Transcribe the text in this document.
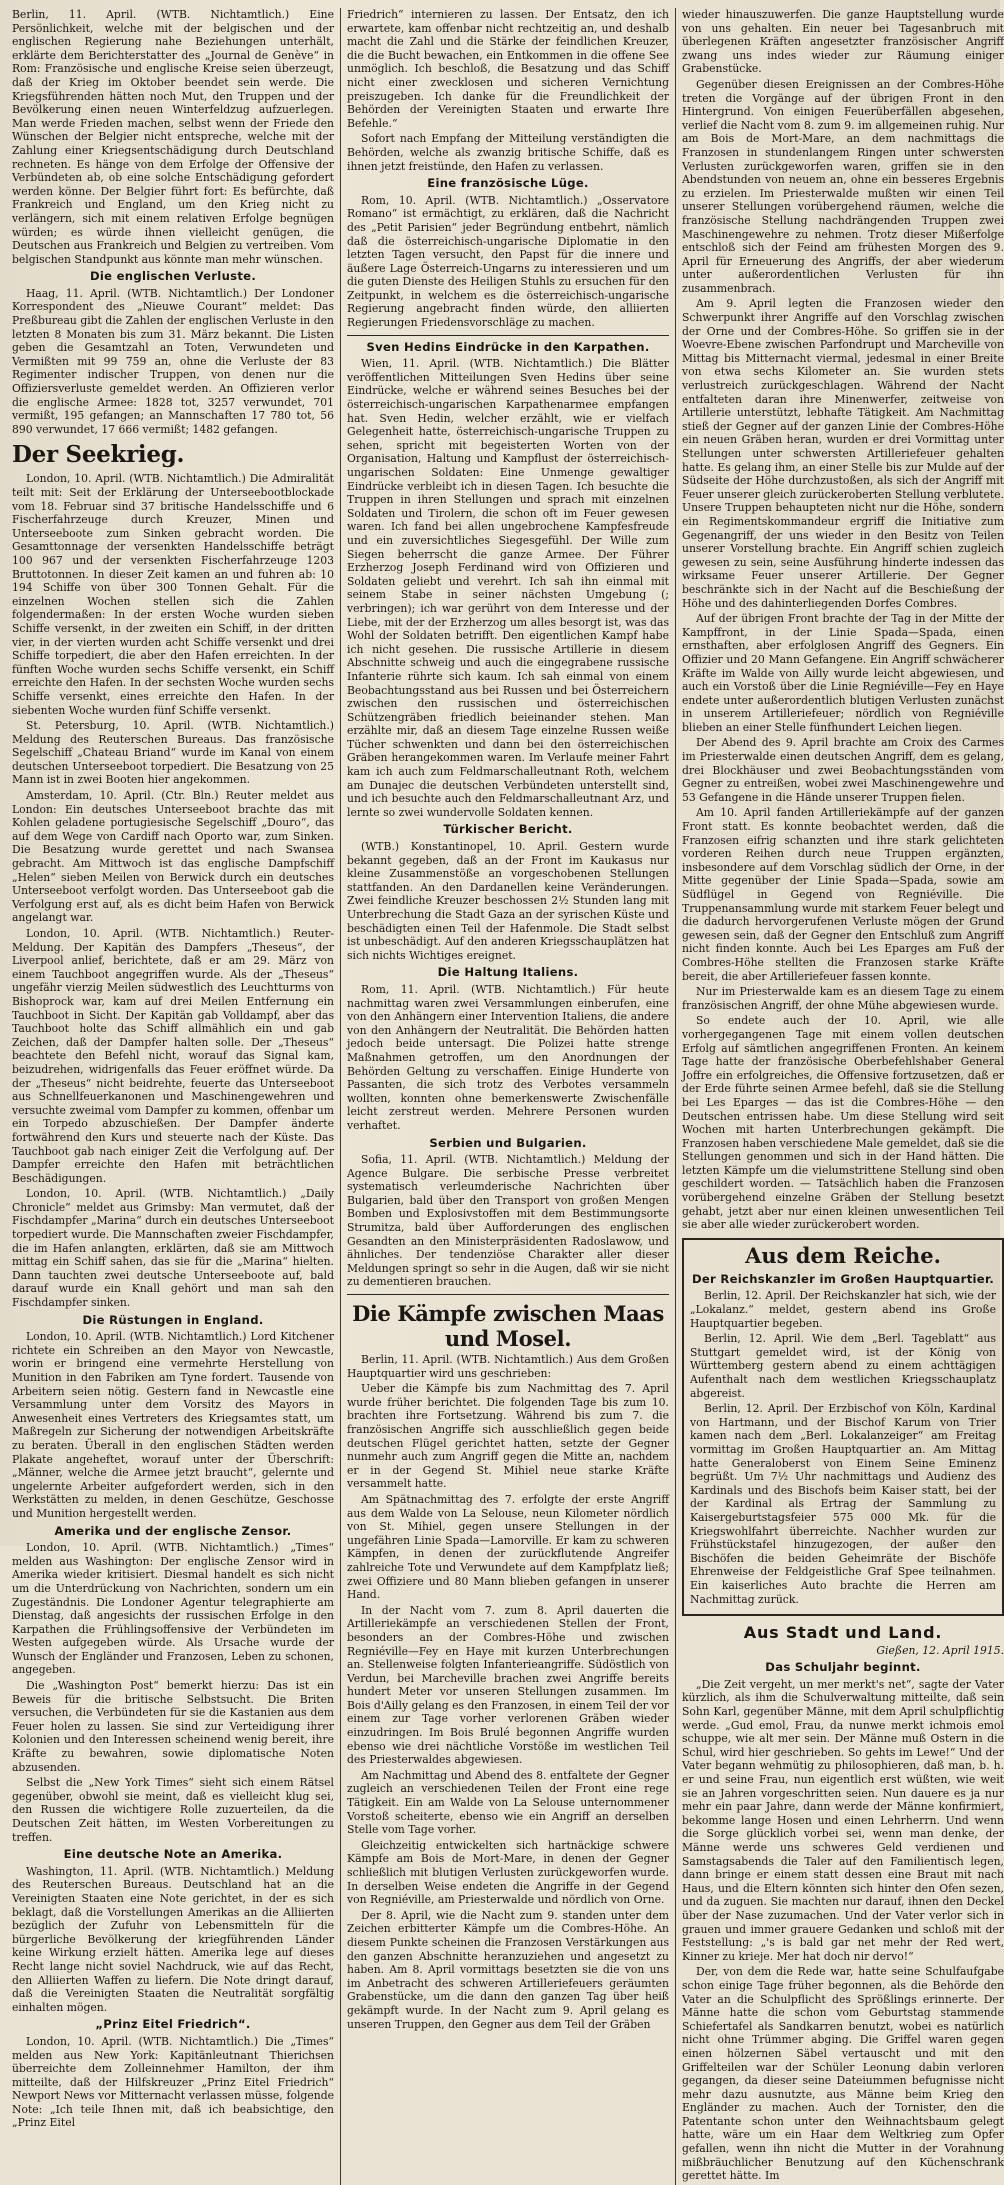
Berlin, 11. April. (WTB. Nichtamtlich.) Eine Persönlichkeit, welche mit der belgischen und der englischen Regierung nahe Beziehungen unterhält, erklärte dem Berichterstatter des „Journal de Genève“ in Rom: Französische und englische Kreise seien überzeugt, daß der Krieg im Oktober beendet sein werde. Die Kriegsführenden hätten noch Mut, den Truppen und der Bevölkerung einen neuen Winterfeldzug aufzuerlegen. Man werde Frieden machen, selbst wenn der Friede den Wünschen der Belgier nicht entspreche, welche mit der Zahlung einer Kriegsentschädigung durch Deutschland rechneten. Es hänge von dem Erfolge der Offensive der Verbündeten ab, ob eine solche Entschädigung gefordert werden könne. Der Belgier führt fort: Es befürchte, daß Frankreich und England, um den Krieg nicht zu verlängern, sich mit einem relativen Erfolge begnügen würden; es würde ihnen vielleicht genügen, die Deutschen aus Frankreich und Belgien zu vertreiben. Vom belgischen Standpunkt aus könnte man mehr wünschen.

Die englischen Verluste.

Haag, 11. April. (WTB. Nichtamtlich.) Der Londoner Korrespondent des „Nieuwe Courant“ meldet: Das Preßbureau gibt die Zahlen der englischen Verluste in den letzten 8 Monaten bis zum 31. März bekannt. Die Listen geben die Gesamtzahl an Toten, Verwundeten und Vermißten mit 99 759 an, ohne die Verluste der 83 Regimenter indischer Truppen, von denen nur die Offiziersverluste gemeldet werden. An Offizieren verlor die englische Armee: 1828 tot, 3257 verwundet, 701 vermißt, 195 gefangen; an Mannschaften 17 780 tot, 56 890 verwundet, 17 666 vermißt; 1482 gefangen.

Der Seekrieg.

London, 10. April. (WTB. Nichtamtlich.) Die Admiralität teilt mit: Seit der Erklärung der Unterseebootblockade vom 18. Februar sind 37 britische Handelsschiffe und 6 Fischerfahrzeuge durch Kreuzer, Minen und Unterseeboote zum Sinken gebracht worden. Die Gesamttonnage der versenkten Handelsschiffe beträgt 100 967 und der versenkten Fischerfahrzeuge 1203 Bruttotonnen. In dieser Zeit kamen an und fuhren ab: 10 194 Schiffe von über 300 Tonnen Gehalt. Für die einzelnen Wochen stellen sich die Zahlen folgendermaßen: In der ersten Woche wurden sieben Schiffe versenkt, in der zweiten ein Schiff, in der dritten vier, in der vierten wurden acht Schiffe versenkt und drei Schiffe torpediert, die aber den Hafen erreichten. In der fünften Woche wurden sechs Schiffe versenkt, ein Schiff erreichte den Hafen. In der sechsten Woche wurden sechs Schiffe versenkt, eines erreichte den Hafen. In der siebenten Woche wurden fünf Schiffe versenkt.

St. Petersburg, 10. April. (WTB. Nichtamtlich.) Meldung des Reuterschen Bureaus. Das französische Segelschiff „Chateau Briand“ wurde im Kanal von einem deutschen Unterseeboot torpediert. Die Besatzung von 25 Mann ist in zwei Booten hier angekommen.

Amsterdam, 10. April. (Ctr. Bln.) Reuter meldet aus London: Ein deutsches Unterseeboot brachte das mit Kohlen geladene portugiesische Segelschiff „Douro“, das auf dem Wege von Cardiff nach Oporto war, zum Sinken. Die Besatzung wurde gerettet und nach Swansea gebracht. Am Mittwoch ist das englische Dampfschiff „Helen“ sieben Meilen von Berwick durch ein deutsches Unterseeboot verfolgt worden. Das Unterseeboot gab die Verfolgung erst auf, als es dicht beim Hafen von Berwick angelangt war.

London, 10. April. (WTB. Nichtamtlich.) Reuter-Meldung. Der Kapitän des Dampfers „Theseus“, der Liverpool anlief, berichtete, daß er am 29. März von einem Tauchboot angegriffen wurde. Als der „Theseus“ ungefähr vierzig Meilen südwestlich des Leuchtturms von Bishoprock war, kam auf drei Meilen Entfernung ein Tauchboot in Sicht. Der Kapitän gab Volldampf, aber das Tauchboot holte das Schiff allmählich ein und gab Zeichen, daß der Dampfer halten solle. Der „Theseus“ beachtete den Befehl nicht, worauf das Signal kam, beizudrehen, widrigenfalls das Feuer eröffnet würde. Da der „Theseus“ nicht beidrehte, feuerte das Unterseeboot aus Schnellfeuerkanonen und Maschinengewehren und versuchte zweimal vom Dampfer zu kommen, offenbar um ein Torpedo abzuschießen. Der Dampfer änderte fortwährend den Kurs und steuerte nach der Küste. Das Tauchboot gab nach einiger Zeit die Verfolgung auf. Der Dampfer erreichte den Hafen mit beträchtlichen Beschädigungen.

London, 10. April. (WTB. Nichtamtlich.) „Daily Chronicle“ meldet aus Grimsby: Man vermutet, daß der Fischdampfer „Marina“ durch ein deutsches Unterseeboot torpediert wurde. Die Mannschaften zweier Fischdampfer, die im Hafen anlangten, erklärten, daß sie am Mittwoch mittag ein Schiff sahen, das sie für die „Marina“ hielten. Dann tauchten zwei deutsche Unterseeboote auf, bald darauf wurde ein Knall gehört und man sah den Fischdampfer sinken.

Die Rüstungen in England.

London, 10. April. (WTB. Nichtamtlich.) Lord Kitchener richtete ein Schreiben an den Mayor von Newcastle, worin er bringend eine vermehrte Herstellung von Munition in den Fabriken am Tyne fordert. Tausende von Arbeitern seien nötig. Gestern fand in Newcastle eine Versammlung unter dem Vorsitz des Mayors in Anwesenheit eines Vertreters des Kriegsamtes statt, um Maßregeln zur Sicherung der notwendigen Arbeitskräfte zu beraten. Überall in den englischen Städten werden Plakate angeheftet, worauf unter der Überschrift: „Männer, welche die Armee jetzt braucht“, gelernte und ungelernte Arbeiter aufgefordert werden, sich in den Werkstätten zu melden, in denen Geschütze, Geschosse und Munition hergestellt werden.

Amerika und der englische Zensor.

London, 10. April. (WTB. Nichtamtlich.) „Times“ melden aus Washington: Der englische Zensor wird in Amerika wieder kritisiert. Diesmal handelt es sich nicht um die Unterdrückung von Nachrichten, sondern um ein Zugeständnis. Die Londoner Agentur telegraphierte am Dienstag, daß angesichts der russischen Erfolge in den Karpathen die Frühlingsoffensive der Verbündeten im Westen aufgegeben würde. Als Ursache wurde der Wunsch der Engländer und Franzosen, Leben zu schonen, angegeben.

Die „Washington Post“ bemerkt hierzu: Das ist ein Beweis für die britische Selbstsucht. Die Briten versuchen, die Verbündeten für sie die Kastanien aus dem Feuer holen zu lassen. Sie sind zur Verteidigung ihrer Kolonien und den Interessen scheinend wenig bereit, ihre Kräfte zu bewahren, sowie diplomatische Noten abzusenden.

Selbst die „New York Times“ sieht sich einem Rätsel gegenüber, obwohl sie meint, daß es vielleicht klug sei, den Russen die wichtigere Rolle zuzuerteilen, da die Deutschen Zeit hätten, im Westen Vorbereitungen zu treffen.

Eine deutsche Note an Amerika.

Washington, 11. April. (WTB. Nichtamtlich.) Meldung des Reuterschen Bureaus. Deutschland hat an die Vereinigten Staaten eine Note gerichtet, in der es sich beklagt, daß die Vorstellungen Amerikas an die Alliierten bezüglich der Zufuhr von Lebensmitteln für die bürgerliche Bevölkerung der kriegführenden Länder keine Wirkung erzielt hätten. Amerika lege auf dieses Recht lange nicht soviel Nachdruck, wie auf das Recht, den Alliierten Waffen zu liefern. Die Note dringt darauf, daß die Vereinigten Staaten die Neutralität sorgfältig einhalten mögen.

„Prinz Eitel Friedrich“.

London, 10. April. (WTB. Nichtamtlich.) Die „Times“ melden aus New York: Kapitänleutnant Thierichsen überreichte dem Zolleinnehmer Hamilton, der ihm mitteilte, daß der Hilfskreuzer „Prinz Eitel Friedrich“ Newport News vor Mitternacht verlassen müsse, folgende Note: „Ich teile Ihnen mit, daß ich beabsichtige, den „Prinz Eitel

Friedrich“ internieren zu lassen. Der Entsatz, den ich erwartete, kam offenbar nicht rechtzeitig an, und deshalb macht die Zahl und die Stärke der feindlichen Kreuzer, die die Bucht bewachen, ein Entkommen in die offene See unmöglich. Ich beschloß, die Besatzung und das Schiff nicht einer zwecklosen und sicheren Vernichtung preiszugeben. Ich danke für die Freundlichkeit der Behörden der Vereinigten Staaten und erwarte Ihre Befehle.“

Sofort nach Empfang der Mitteilung verständigten die Behörden, welche als zwanzig britische Schiffe, daß es ihnen jetzt freistünde, den Hafen zu verlassen.

Eine französische Lüge.

Rom, 10. April. (WTB. Nichtamtlich.) „Osservatore Romano“ ist ermächtigt, zu erklären, daß die Nachricht des „Petit Parisien“ jeder Begründung entbehrt, nämlich daß die österreichisch-ungarische Diplomatie in den letzten Tagen versucht, den Papst für die innere und äußere Lage Österreich-Ungarns zu interessieren und um die guten Dienste des Heiligen Stuhls zu ersuchen für den Zeitpunkt, in welchem es die österreichisch-ungarische Regierung angebracht finden würde, den alliierten Regierungen Friedensvorschläge zu machen.

Sven Hedins Eindrücke in den Karpathen.

Wien, 11. April. (WTB. Nichtamtlich.) Die Blätter veröffentlichen Mitteilungen Sven Hedins über seine Eindrücke, welche er während seines Besuches bei der österreichisch-ungarischen Karpathenarmee empfangen hat. Sven Hedin, welcher erzählt, wie er vielfach Gelegenheit hatte, österreichisch-ungarische Truppen zu sehen, spricht mit begeisterten Worten von der Organisation, Haltung und Kampflust der österreichisch-ungarischen Soldaten: Eine Unmenge gewaltiger Eindrücke verbleibt ich in diesen Tagen. Ich besuchte die Truppen in ihren Stellungen und sprach mit einzelnen Soldaten und Tirolern, die schon oft im Feuer gewesen waren. Ich fand bei allen ungebrochene Kampfesfreude und ein zuversichtliches Siegesgefühl. Der Wille zum Siegen beherrscht die ganze Armee. Der Führer Erzherzog Joseph Ferdinand wird von Offizieren und Soldaten geliebt und verehrt. Ich sah ihn einmal mit seinem Stabe in seiner nächsten Umgebung (; verbringen); ich war gerührt von dem Interesse und der Liebe, mit der der Erzherzog um alles besorgt ist, was das Wohl der Soldaten betrifft. Den eigentlichen Kampf habe ich nicht gesehen. Die russische Artillerie in diesem Abschnitte schweig und auch die eingegrabene russische Infanterie rührte sich kaum. Ich sah einmal von einem Beobachtungsstand aus bei Russen und bei Österreichern zwischen den russischen und österreichischen Schützengräben friedlich beieinander stehen. Man erzählte mir, daß an diesem Tage einzelne Russen weiße Tücher schwenkten und dann bei den österreichischen Gräben herangekommen waren. Im Verlaufe meiner Fahrt kam ich auch zum Feldmarschalleutnant Roth, welchem am Dunajec die deutschen Verbündeten unterstellt sind, und ich besuchte auch den Feldmarschalleutnant Arz, und lernte so zwei wundervolle Soldaten kennen.

Türkischer Bericht.

(WTB.) Konstantinopel, 10. April. Gestern wurde bekannt gegeben, daß an der Front im Kaukasus nur kleine Zusammenstöße an vorgeschobenen Stellungen stattfanden. An den Dardanellen keine Veränderungen. Zwei feindliche Kreuzer beschossen 2½ Stunden lang mit Unterbrechung die Stadt Gaza an der syrischen Küste und beschädigten einen Teil der Hafenmole. Die Stadt selbst ist unbeschädigt. Auf den anderen Kriegsschauplätzen hat sich nichts Wichtiges ereignet.

Die Haltung Italiens.

Rom, 11. April. (WTB. Nichtamtlich.) Für heute nachmittag waren zwei Versammlungen einberufen, eine von den Anhängern einer Intervention Italiens, die andere von den Anhängern der Neutralität. Die Behörden hatten jedoch beide untersagt. Die Polizei hatte strenge Maßnahmen getroffen, um den Anordnungen der Behörden Geltung zu verschaffen. Einige Hunderte von Passanten, die sich trotz des Verbotes versammeln wollten, konnten ohne bemerkenswerte Zwischenfälle leicht zerstreut werden. Mehrere Personen wurden verhaftet.

Serbien und Bulgarien.

Sofia, 11. April. (WTB. Nichtamtlich.) Meldung der Agence Bulgare. Die serbische Presse verbreitet systematisch verleumderische Nachrichten über Bulgarien, bald über den Transport von großen Mengen Bomben und Explosivstoffen mit dem Bestimmungsorte Strumitza, bald über Aufforderungen des englischen Gesandten an den Ministerpräsidenten Radoslawow, und ähnliches. Der tendenziöse Charakter aller dieser Meldungen springt so sehr in die Augen, daß wir sie nicht zu dementieren brauchen.

Die Kämpfe zwischen Maas und Mosel.

Berlin, 11. April. (WTB. Nichtamtlich.) Aus dem Großen Hauptquartier wird uns geschrieben:

Ueber die Kämpfe bis zum Nachmittag des 7. April wurde früher berichtet. Die folgenden Tage bis zum 10. brachten ihre Fortsetzung. Während bis zum 7. die französischen Angriffe sich ausschließlich gegen beide deutschen Flügel gerichtet hatten, setzte der Gegner nunmehr auch zum Angriff gegen die Mitte an, nachdem er in der Gegend St. Mihiel neue starke Kräfte versammelt hatte.

Am Spätnachmittag des 7. erfolgte der erste Angriff aus dem Walde von La Selouse, neun Kilometer nördlich von St. Mihiel, gegen unsere Stellungen in der ungefähren Linie Spada—Lamorville. Er kam zu schweren Kämpfen, in denen der zurückflutende Angreifer zahlreiche Tote und Verwundete auf dem Kampfplatz ließ; zwei Offiziere und 80 Mann blieben gefangen in unserer Hand.

In der Nacht vom 7. zum 8. April dauerten die Artilleriekämpfe an verschiedenen Stellen der Front, besonders an der Combres-Höhe und zwischen Regniéville—Fey en Haye mit kurzen Unterbrechungen an. Stellenweise folgten Infanterieangriffe. Südöstlich von Verdun, bei Marcheville brachen zwei Angriffe bereits hundert Meter vor unseren Stellungen zusammen. Im Bois d'Ailly gelang es den Franzosen, in einem Teil der vor einem zur Tage vorher verlorenen Gräben wieder einzudringen. Im Bois Brulé begonnen Angriffe wurden ebenso wie drei nächtliche Vorstöße im westlichen Teil des Priesterwaldes abgewiesen.

Am Nachmittag und Abend des 8. entfaltete der Gegner zugleich an verschiedenen Teilen der Front eine rege Tätigkeit. Ein am Walde von La Selouse unternommener Vorstoß scheiterte, ebenso wie ein Angriff an derselben Stelle vom Tage vorher.

Gleichzeitig entwickelten sich hartnäckige schwere Kämpfe am Bois de Mort-Mare, in denen der Gegner schließlich mit blutigen Verlusten zurückgeworfen wurde. In derselben Weise endeten die Angriffe in der Gegend von Regniéville, am Priesterwalde und nördlich von Orne.

Der 8. April, wie die Nacht zum 9. standen unter dem Zeichen erbitterter Kämpfe um die Combres-Höhe. An diesem Punkte scheinen die Franzosen Verstärkungen aus den ganzen Abschnitte heranzuziehen und angesetzt zu haben. Am 8. April vormittags besetzten sie die von uns im Anbetracht des schweren Artilleriefeuers geräumten Grabenstücke, um die dann den ganzen Tag über heiß gekämpft wurde. In der Nacht zum 9. April gelang es unseren Truppen, den Gegner aus dem Teil der Gräben

wieder hinauszuwerfen. Die ganze Hauptstellung wurde von uns gehalten. Ein neuer bei Tagesanbruch mit überlegenen Kräften angesetzter französischer Angriff zwang uns indes wieder zur Räumung einiger Grabenstücke.

Gegenüber diesen Ereignissen an der Combres-Höhe treten die Vorgänge auf der übrigen Front in den Hintergrund. Von einigen Feuerüberfällen abgesehen, verlief die Nacht vom 8. zum 9. im allgemeinen ruhig. Nur am Bois de Mort-Mare, an dem nachmittags die Franzosen in stundenlangem Ringen unter schwersten Verlusten zurückgeworfen waren, griffen sie in den Abendstunden von neuem an, ohne ein besseres Ergebnis zu erzielen. Im Priesterwalde mußten wir einen Teil unserer Stellungen vorübergehend räumen, welche die französische Stellung nachdrängenden Truppen zwei Maschinengewehre zu nehmen. Trotz dieser Mißerfolge entschloß sich der Feind am frühesten Morgen des 9. April für Erneuerung des Angriffs, der aber wiederum unter außerordentlichen Verlusten für ihn zusammenbrach.

Am 9. April legten die Franzosen wieder den Schwerpunkt ihrer Angriffe auf den Vorschlag zwischen der Orne und der Combres-Höhe. So griffen sie in der Woevre-Ebene zwischen Parfondrupt und Marcheville von Mittag bis Mitternacht viermal, jedesmal in einer Breite von etwa sechs Kilometer an. Sie wurden stets verlustreich zurückgeschlagen. Während der Nacht entfalteten daran ihre Minenwerfer, zeitweise von Artillerie unterstützt, lebhafte Tätigkeit. Am Nachmittag stieß der Gegner auf der ganzen Linie der Combres-Höhe ein neuen Gräben heran, wurden er drei Vormittag unter Stellungen unter schwersten Artilleriefeuer gehalten hatte. Es gelang ihm, an einer Stelle bis zur Mulde auf der Südseite der Höhe durchzustoßen, als sich der Angriff mit Feuer unserer gleich zurückeroberten Stellung verblutete. Unsere Truppen behaupteten nicht nur die Höhe, sondern ein Regimentskommandeur ergriff die Initiative zum Gegenangriff, der uns wieder in den Besitz von Teilen unserer Vorstellung brachte. Ein Angriff schien zugleich gewesen zu sein, seine Ausführung hinderte indessen das wirksame Feuer unserer Artillerie. Der Gegner beschränkte sich in der Nacht auf die Beschießung der Höhe und des dahinterliegenden Dorfes Combres.

Auf der übrigen Front brachte der Tag in der Mitte der Kampffront, in der Linie Spada—Spada, einen ernsthaften, aber erfolglosen Angriff des Gegners. Ein Offizier und 20 Mann Gefangene. Ein Angriff schwächerer Kräfte im Walde von Ailly wurde leicht abgewiesen, und auch ein Vorstoß über die Linie Regniéville—Fey en Haye endete unter außerordentlich blutigen Verlusten zunächst in unserem Artilleriefeuer; nördlich von Regniéville blieben an einer Stelle fünfhundert Leichen liegen.

Der Abend des 9. April brachte am Croix des Carmes im Priesterwalde einen deutschen Angriff, dem es gelang, drei Blockhäuser und zwei Beobachtungsständen vom Gegner zu entreißen, wobei zwei Maschinengewehre und 53 Gefangene in die Hände unserer Truppen fielen.

Am 10. April fanden Artilleriekämpfe auf der ganzen Front statt. Es konnte beobachtet werden, daß die Franzosen eifrig schanzten und ihre stark gelichteten vorderen Reihen durch neue Truppen ergänzten, insbesondere auf dem Vorschlag südlich der Orne, in der Mitte gegenüber der Linie Spada—Spada, sowie am Südflügel in Gegend von Regniéville. Die Truppenansammlung wurde mit starkem Feuer belegt und die dadurch hervorgerufenen Verluste mögen der Grund gewesen sein, daß der Gegner den Entschluß zum Angriff nicht finden konnte. Auch bei Les Eparges am Fuß der Combres-Höhe stellten die Franzosen starke Kräfte bereit, die aber Artilleriefeuer fassen konnte.

Nur im Priesterwalde kam es an diesem Tage zu einem französischen Angriff, der ohne Mühe abgewiesen wurde.

So endete auch der 10. April, wie alle vorhergegangenen Tage mit einem vollen deutschen Erfolg auf sämtlichen angegriffenen Fronten. An keinem Tage hatte der französische Oberbefehlshaber General Joffre ein erfolgreiches, die Offensive fortzusetzen, daß er der Erde führte seinen Armee befehl, daß sie die Stellung bei Les Eparges — das ist die Combres-Höhe — den Deutschen entrissen habe. Um diese Stellung wird seit Wochen mit harten Unterbrechungen gekämpft. Die Franzosen haben verschiedene Male gemeldet, daß sie die Stellungen genommen und sich in der Hand hätten. Die letzten Kämpfe um die vielumstrittene Stellung sind oben geschildert worden. — Tatsächlich haben die Franzosen vorübergehend einzelne Gräben der Stellung besetzt gehabt, jetzt aber nur einen kleinen unwesentlichen Teil sie aber alle wieder zurückerobert worden.

Aus dem Reiche.
Der Reichskanzler im Großen Hauptquartier.

Berlin, 12. April. Der Reichskanzler hat sich, wie der „Lokalanz.“ meldet, gestern abend ins Große Hauptquartier begeben.

Berlin, 12. April. Wie dem „Berl. Tageblatt“ aus Stuttgart gemeldet wird, ist der König von Württemberg gestern abend zu einem achttägigen Aufenthalt nach dem westlichen Kriegsschauplatz abgereist.

Berlin, 12. April. Der Erzbischof von Köln, Kardinal von Hartmann, und der Bischof Karum von Trier kamen nach dem „Berl. Lokalanzeiger“ am Freitag vormittag im Großen Hauptquartier an. Am Mittag hatte Generaloberst von Einem Seine Eminenz begrüßt. Um 7½ Uhr nachmittags und Audienz des Kardinals und des Bischofs beim Kaiser statt, bei der der Kardinal als Ertrag der Sammlung zu Kaisergeburtstagsfeier 575 000 Mk. für die Kriegswohlfahrt überreichte. Nachher wurden zur Frühstückstafel hinzugezogen, der außer den Bischöfen die beiden Geheimräte der Bischöfe Ehrenweise der Feldgeistliche Graf Spee teilnahmen. Ein kaiserliches Auto brachte die Herren am Nachmittag zurück.

Aus Stadt und Land.

Gießen, 12. April 1915.

Das Schuljahr beginnt.

„Die Zeit vergeht, un mer merkt's net“, sagte der Vater kürzlich, als ihm die Schulverwaltung mitteilte, daß sein Sohn Karl, gegenüber Männe, mit dem April schulpflichtig werde. „Gud emol, Frau, da nunwe merkt ichmois emol schuppe, wie alt mer sein. Der Männe muß Ostern in die Schul, wird hier geschrieben. So gehts im Lewe!“ Und der Vater begann wehmütig zu philosophieren, daß man, b. h. er und seine Frau, nun eigentlich erst wüßten, wie weit sie an Jahren vorgeschritten seien. Nun dauere es ja nur mehr ein paar Jahre, dann werde der Männe konfirmiert, bekomme lange Hosen und einen Lehrherrn. Und wenn die Sorge glücklich vorbei sei, wenn man denke, der Männe werde uns schweres Geld verdienen und Samstagsabends die Taler auf den Familientisch legen, dann bringe er einem statt dessen eine Braut mit nach Haus, und die Eltern könnten sich hinter den Ofen sezen, und da zuguen. Sie machten nur darauf, ihnen den Deckel über der Nase zuzumachen. Und der Vater verlor sich in grauen und immer grauere Gedanken und schloß mit der Feststellung: „'s is bald gar net mehr der Red wert, Kinner zu krieje. Mer hat doch nir dervo!“

Der, von dem die Rede war, hatte seine Schulfaufgabe schon einige Tage früher begonnen, als die Behörde den Vater an die Schulpflicht des Sprößlings erinnerte. Der Männe hatte die schon vom Geburtstag stammende Schiefertafel als Sandkarren benutzt, wobei es natürlich nicht ohne Trümmer abging. Die Griffel waren gegen einen hölzernen Säbel vertauscht und mit den Griffelteilen war der Schüler Leonung dabin verloren gegangen, da dieser seine Dateiummen befugnisse nicht mehr dazu ausnutzte, aus Männe beim Krieg den Engländer zu machen. Auch der Tornister, den die Patentante schon unter den Weihnachtsbaum gelegt hatte, wäre um ein Haar dem Weltkrieg zum Opfer gefallen, wenn ihn nicht die Mutter in der Vorahnung mißbräuchlicher Benutzung auf den Küchenschrank gerettet hätte. Im
